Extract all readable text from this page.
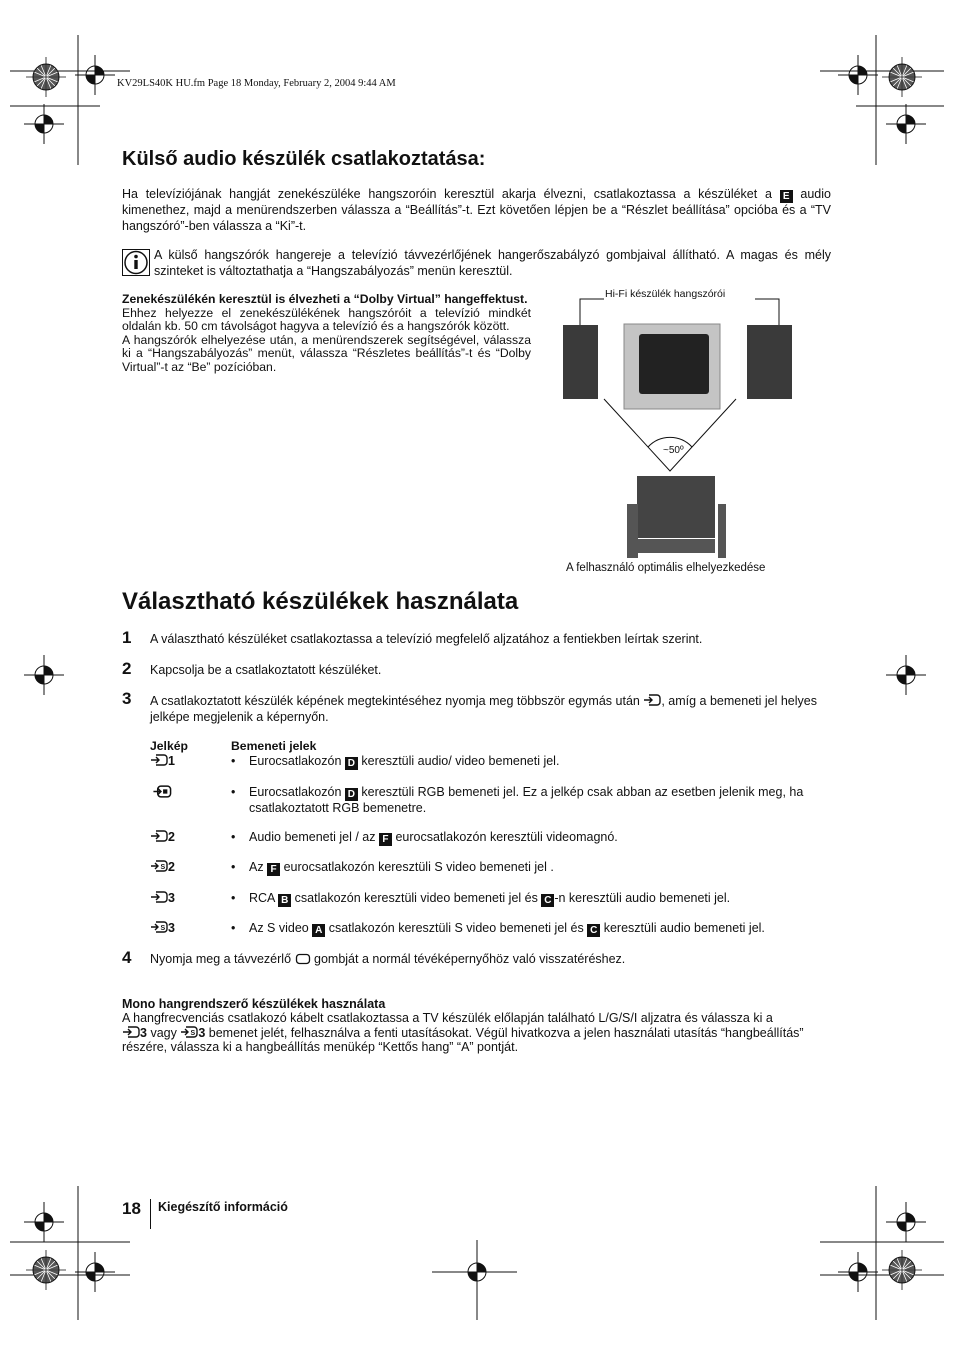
KV29LS40K HU.fm Page 18 Monday, February 2, 2004 9:44 AM
Külső audio készülék csatlakoztatása:
Ha televíziójának hangját zenekészüléke hangszoróin keresztül akarja élvezni, csatlakoztassa a készüléket a E audio kimenethez, majd a menürendszerben válassza a “Beállítás”-t. Ezt követően lépjen be a “Részlet beállítása” opcióba és a “TV hangszóró”-ben válassza a “Ki”-t.
A külső hangszórók hangereje a televízió távvezérlőjének hangerőszabályzó gombjaival állítható. A magas és mély szinteket is változtathatja a “Hangszabályozás” menün keresztül.
Zenekészülékén keresztül is élvezheti a “Dolby Virtual” hangeffektust.
Ehhez helyezze el zenekészülékének hangszóróit a televízió mindkét oldalán kb. 50 cm távolságot hagyva a televízió és a hangszórók között.
A hangszórók elhelyezése után, a menürendszerek segítségével, válassza ki a “Hangszabályozás” menüt, válassza “Részletes beállítás”-t és “Dolby Virtual”-t az “Be” pozícióban.
~50º
Hi-Fi készülék hangszórói
A felhasználó optimális elhelyezkedése
Választható készülékek használata
1 A választható készüléket csatlakoztassa a televízió megfelelő aljzatához a fentiekben leírtak szerint.
2 Kapcsolja be a csatlakoztatott készüléket.
3 A csatlakoztatott készülék képének megtekintéséhez nyomja meg többször egymás után , amíg a bemeneti jel helyes jelképe megjelenik a képernyőn.
Jelkép	Bemeneti jelek
1	• Eurocsatlakozón D keresztüli audio/ video bemeneti jel.
• Eurocsatlakozón D keresztüli RGB bemeneti jel. Ez a jelkép csak abban az esetben jelenik meg, ha csatlakoztatott RGB bemenetre.
2	• Audio bemeneti jel / az F eurocsatlakozón keresztüli videomagnó.
2	• Az F eurocsatlakozón keresztüli S video bemeneti jel .
3	• RCA B csatlakozón keresztüli video bemeneti jel és C -n keresztüli audio bemeneti jel.
3	• Az S video A csatlakozón keresztüli S video bemeneti jel és C keresztüli audio bemeneti jel.
4 Nyomja meg a távvezérlő gombját a normál tévéképernyőhöz való visszatéréshez.
Mono hangrendszerő készülékek használata
A hangfrecvenciás csatlakozó kábelt csatlakoztassa a TV készülék előlapján található L/G/S/I aljzatra és válassza ki a
3 vagy 3 bemenet jelét, felhasználva a fenti utasításokat. Végül hivatkozva a jelen használati utasítás “hangbeállítás” részére, válassza ki a hangbeállítás menükép “Kettős hang” “A” pontját.
18 Kiegészítő információ
